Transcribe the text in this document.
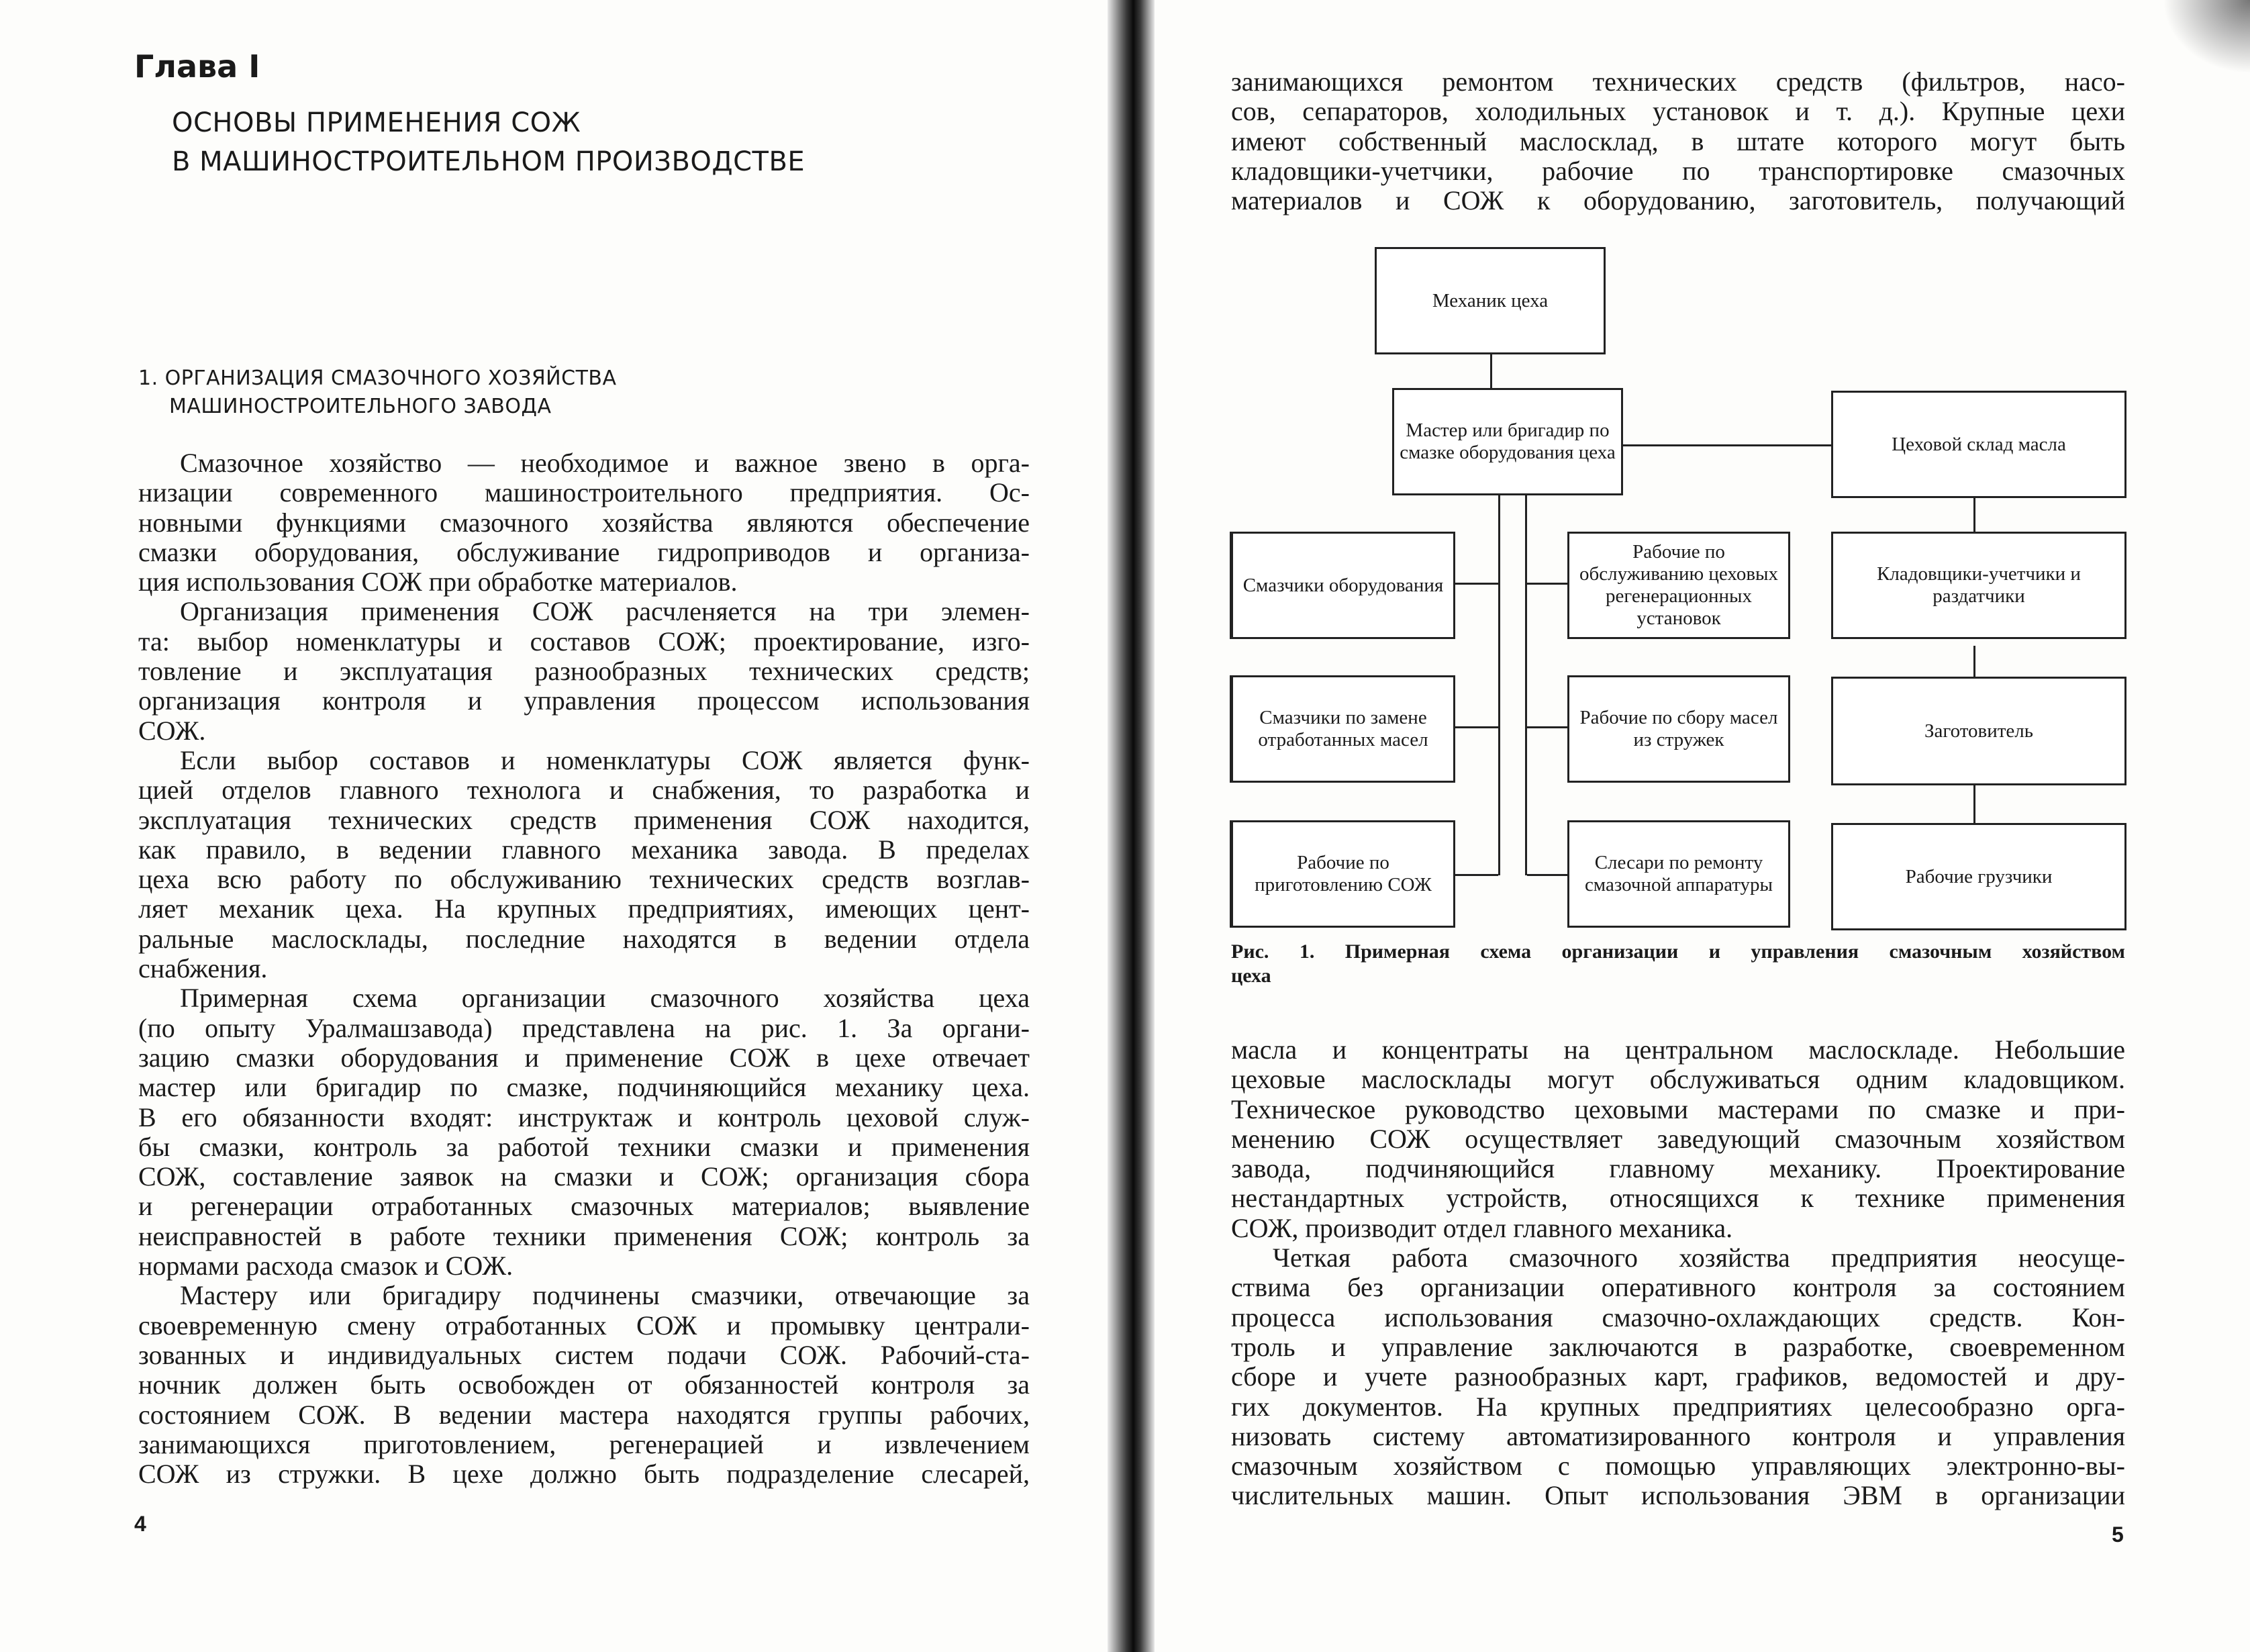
Глава I
ОСНОВЫ ПРИМЕНЕНИЯ СОЖ
В МАШИНОСТРОИТЕЛЬНОМ ПРОИЗВОДСТВЕ
1. ОРГАНИЗАЦИЯ СМАЗОЧНОГО ХОЗЯЙСТВА
МАШИНОСТРОИТЕЛЬНОГО ЗАВОДА
Смазочное хозяйство — необходимое и важное звено в орга-
низации современного машиностроительного предприятия. Ос-
новными функциями смазочного хозяйства являются обеспечение
смазки оборудования, обслуживание гидроприводов и организа-
ция использования СОЖ при обработке материалов.
Организация применения СОЖ расчленяется на три элемен-
та: выбор номенклатуры и составов СОЖ; проектирование, изго-
товление и эксплуатация разнообразных технических средств;
организация контроля и управления процессом использования
СОЖ.
Если выбор составов и номенклатуры СОЖ является функ-
цией отделов главного технолога и снабжения, то разработка и
эксплуатация технических средств применения СОЖ находится,
как правило, в ведении главного механика завода. В пределах
цеха всю работу по обслуживанию технических средств возглав-
ляет механик цеха. На крупных предприятиях, имеющих цент-
ральные маслосклады, последние находятся в ведении отдела
снабжения.
Примерная схема организации смазочного хозяйства цеха
(по опыту Уралмашзавода) представлена на рис. 1. За органи-
зацию смазки оборудования и применение СОЖ в цехе отвечает
мастер или бригадир по смазке, подчиняющийся механику цеха.
В его обязанности входят: инструктаж и контроль цеховой служ-
бы смазки, контроль за работой техники смазки и применения
СОЖ, составление заявок на смазки и СОЖ; организация сбора
и регенерации отработанных смазочных материалов; выявление
неисправностей в работе техники применения СОЖ; контроль за
нормами расхода смазок и СОЖ.
Мастеру или бригадиру подчинены смазчики, отвечающие за
своевременную смену отработанных СОЖ и промывку централи-
зованных и индивидуальных систем подачи СОЖ. Рабочий-ста-
ночник должен быть освобожден от обязанностей контроля за
состоянием СОЖ. В ведении мастера находятся группы рабочих,
занимающихся приготовлением, регенерацией и извлечением
СОЖ из стружки. В цехе должно быть подразделение слесарей,
4
занимающихся ремонтом технических средств (фильтров, насо-
сов, сепараторов, холодильных установок и т. д.). Крупные цехи
имеют собственный маслосклад, в штате которого могут быть
кладовщики-учетчики, рабочие по транспортировке смазочных
материалов и СОЖ к оборудованию, заготовитель, получающий
Механик цеха
Мастер или бригадир по смазке оборудования цеха	Цеховой склад масла
Смазчики оборудования
Смазчики по замене отработанных масел
Рабочие по приготовлению СОЖ
Рабочие по обслуживанию цеховых регенерационных установок
Рабочие по сбору масел из стружек
Слесари по ремонту смазочной аппаратуры
Кладовщики-учетчики и раздатчики
Заготовитель
Рабочие грузчики
Рис. 1. Примерная схема организации и управления смазочным хозяйством
цеха
масла и концентраты на центральном маслоскладе. Небольшие
цеховые маслосклады могут обслуживаться одним кладовщиком.
Техническое руководство цеховыми мастерами по смазке и при-
менению СОЖ осуществляет заведующий смазочным хозяйством
завода, подчиняющийся главному механику. Проектирование
нестандартных устройств, относящихся к технике применения
СОЖ, производит отдел главного механика.
Четкая работа смазочного хозяйства предприятия неосуще-
ствима без организации оперативного контроля за состоянием
процесса использования смазочно-охлаждающих средств. Кон-
троль и управление заключаются в разработке, своевременном
сборе и учете разнообразных карт, графиков, ведомостей и дру-
гих документов. На крупных предприятиях целесообразно орга-
низовать систему автоматизированного контроля и управления
смазочным хозяйством с помощью управляющих электронно-вы-
числительных машин. Опыт использования ЭВМ в организации
5
